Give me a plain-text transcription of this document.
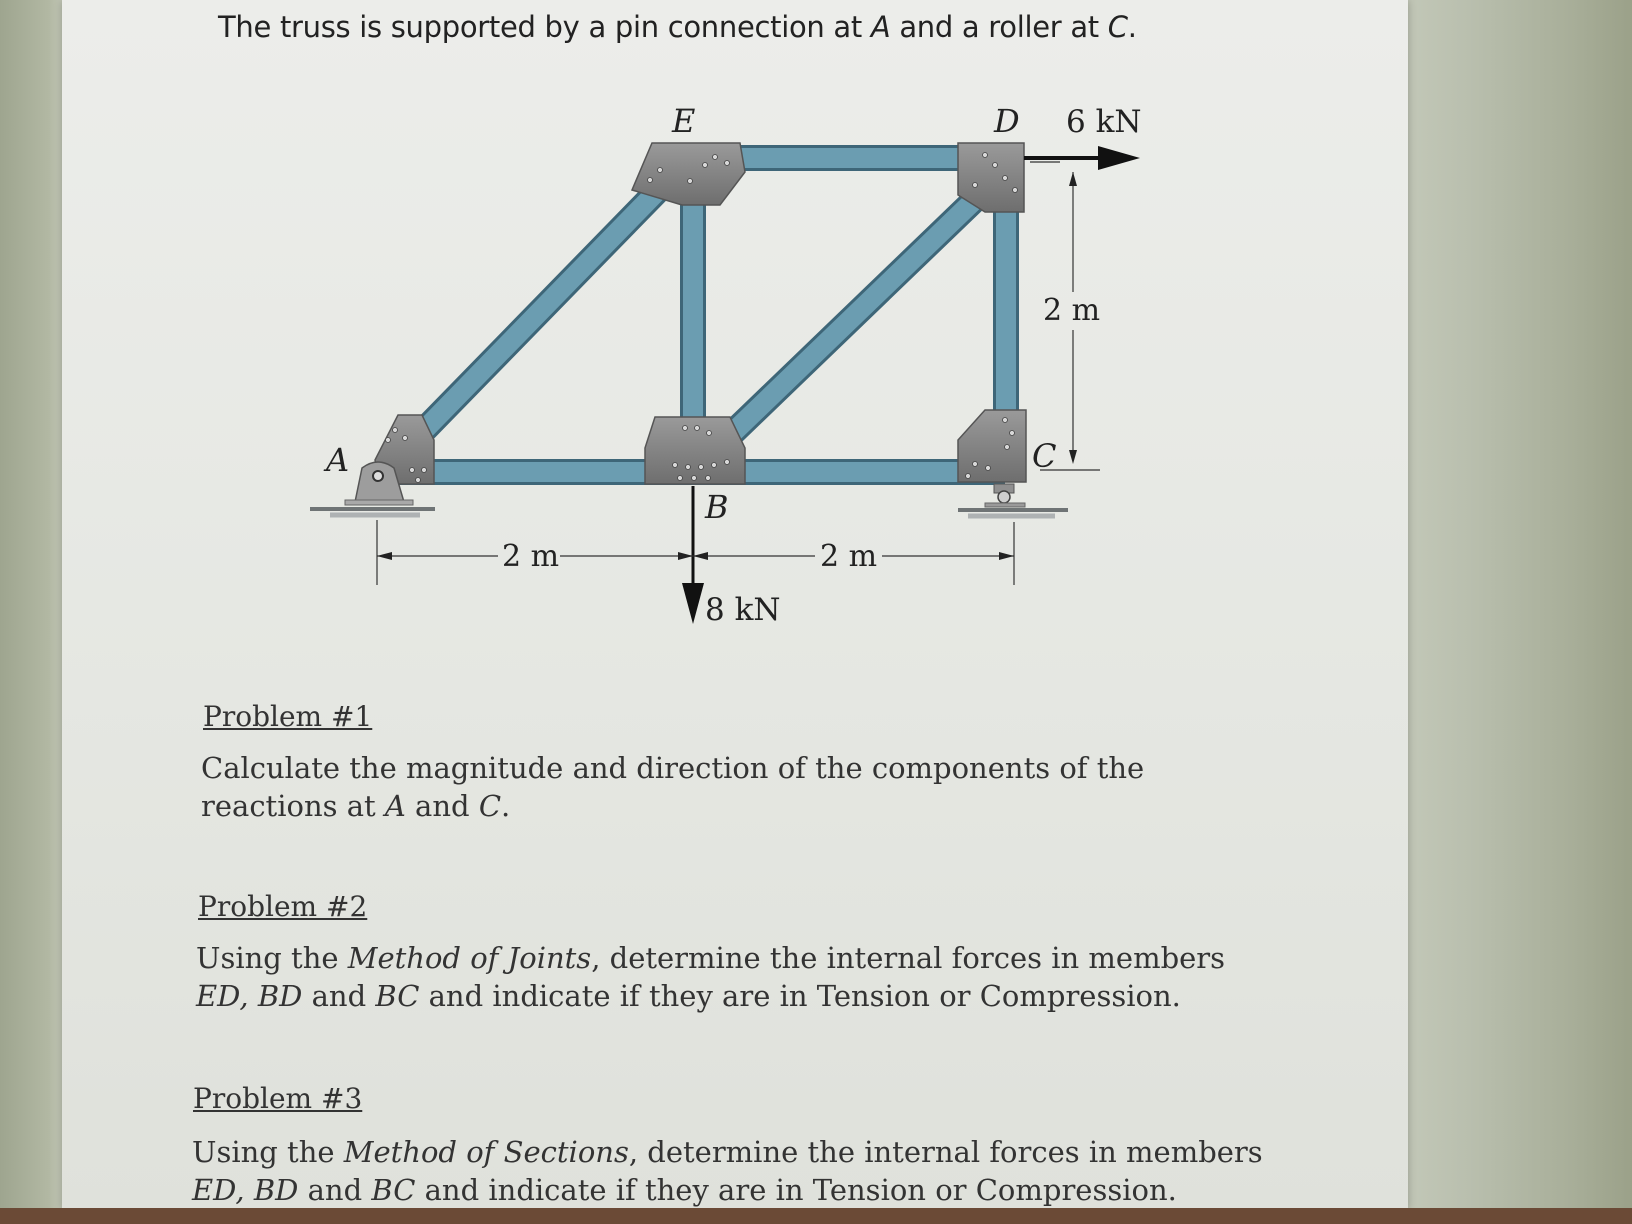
The truss is supported by a pin connection at A and a roller at C.
E	D 6 kN
2 m
A
B
C
2 m	2 m
8 kN
Problem #1
Calculate the magnitude and direction of the components of the reactions at A and C.
Problem #2
Using the Method of Joints, determine the internal forces in members ED, BD and BC and indicate if they are in Tension or Compression.
Problem #3
Using the Method of Sections, determine the internal forces in members ED, BD and BC and indicate if they are in Tension or Compression.
